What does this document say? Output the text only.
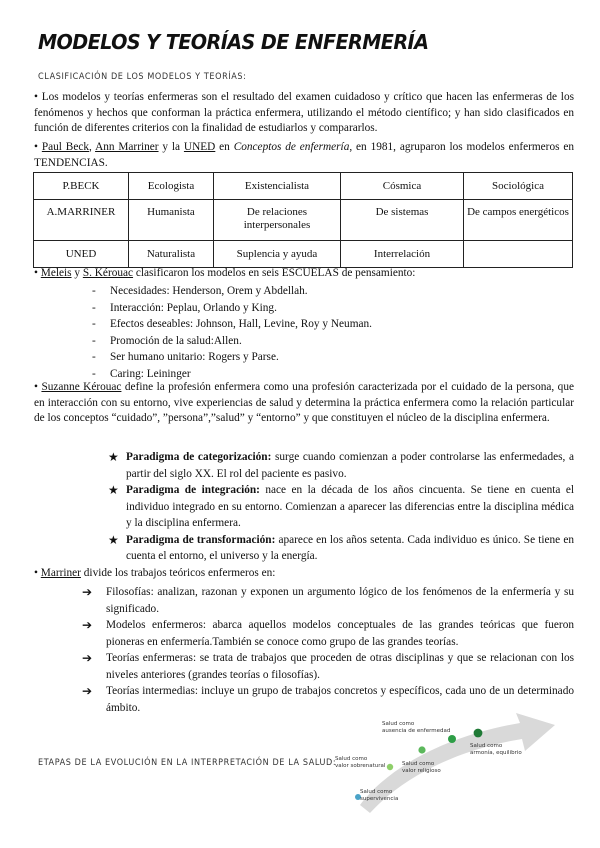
MODELOS Y TEORÍAS DE ENFERMERÍA

CLASIFICACIÓN DE LOS MODELOS Y TEORÍAS:

• Los modelos y teorías enfermeras son el resultado del examen cuidadoso y crítico que hacen las enfermeras de los fenómenos y hechos que conforman la práctica enfermera, utilizando el método científico; y han sido clasificados en función de diferentes criterios con la finalidad de estudiarlos y compararlos.

• Paul Beck, Ann Marriner y la UNED en Conceptos de enfermería, en 1981, agruparon los modelos enfermeros en TENDENCIAS.

P.BECK	Ecologista	Existencialista	Cósmica	Sociológica
A.MARRINER	Humanista	De relaciones interpersonales	De sistemas	De campos energéticos
UNED	Naturalista	Suplencia y ayuda	Interrelación	

• Meleis y S. Kérouac clasificaron los modelos en seis ESCUELAS de pensamiento:

- Necesidades: Henderson, Orem y Abdellah.
- Interacción: Peplau, Orlando y King.
- Efectos deseables: Johnson, Hall, Levine, Roy y Neuman.
- Promoción de la salud:Allen.
- Ser humano unitario: Rogers y Parse.
- Caring: Leininger

• Suzanne Kérouac define la profesión enfermera como una profesión caracterizada por el cuidado de la persona, que en interacción con su entorno, vive experiencias de salud y determina la práctica enfermera como la relación particular de los conceptos “cuidado”, ”persona”,”salud” y “entorno” y que constituyen el núcleo de la disciplina enfermera.

★ Paradigma de categorización: surge cuando comienzan a poder controlarse las enfermedades, a partir del siglo XX. El rol del paciente es pasivo.
★ Paradigma de integración: nace en la década de los años cincuenta. Se tiene en cuenta el individuo integrado en su entorno. Comienzan a aparecer las diferencias entre la disciplina médica y la disciplina enfermera.
★ Paradigma de transformación: aparece en los años setenta. Cada individuo es único. Se tiene en cuenta el entorno, el universo y la energía.

• Marriner divide los trabajos teóricos enfermeros en:

➔ Filosofías: analizan, razonan y exponen un argumento lógico de los fenómenos de la enfermería y su significado.
➔ Modelos enfermeros: abarca aquellos modelos conceptuales de las grandes teóricas que fueron pioneras en enfermería.También se conoce como grupo de las grandes teorías.
➔ Teorías enfermeras: se trata de trabajos que proceden de otras disciplinas y que se relacionan con los niveles anteriores (grandes teorías o filosofías).
➔ Teorías intermedias: incluye un grupo de trabajos concretos y específicos, cada uno de un determinado ámbito.

ETAPAS DE LA EVOLUCIÓN EN LA INTERPRETACIÓN DE LA SALUD:

Salud como
ausencia de enfermedad
Salud como
valor sobrenatural	Salud como
valor religioso
Salud como
armonía, equilibrio
Salud como
supervivencia
